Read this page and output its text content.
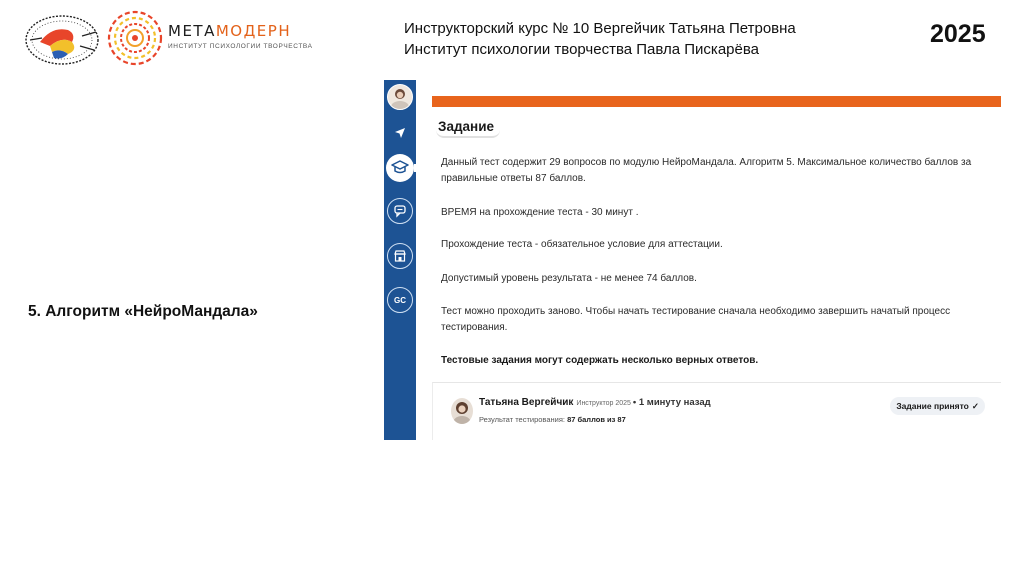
МЕТАМОДЕРН
ИНСТИТУТ ПСИХОЛОГИИ ТВОРЧЕСТВА
Инструкторский курс № 10 Вергейчик Татьяна Петровна
Институт психологии творчества Павла Пискарёва
2025
5. Алгоритм «НейроМандала»
GC
Задание
Данный тест содержит 29 вопросов по модулю НейроМандала. Алгоритм 5. Максимальное количество баллов за правильные ответы 87 баллов.
ВРЕМЯ на прохождение теста - 30 минут .
Прохождение теста - обязательное условие для аттестации.
Допустимый уровень результата - не менее 74 баллов.
Тест можно проходить заново. Чтобы начать тестирование сначала необходимо завершить начатый процесс тестирования.
Тестовые задания могут содержать несколько верных ответов.
Татьяна Вергейчик Инструктор 2025 • 1 минуту назад
Результат тестирования: 87 баллов из 87
Задание принято ✓
